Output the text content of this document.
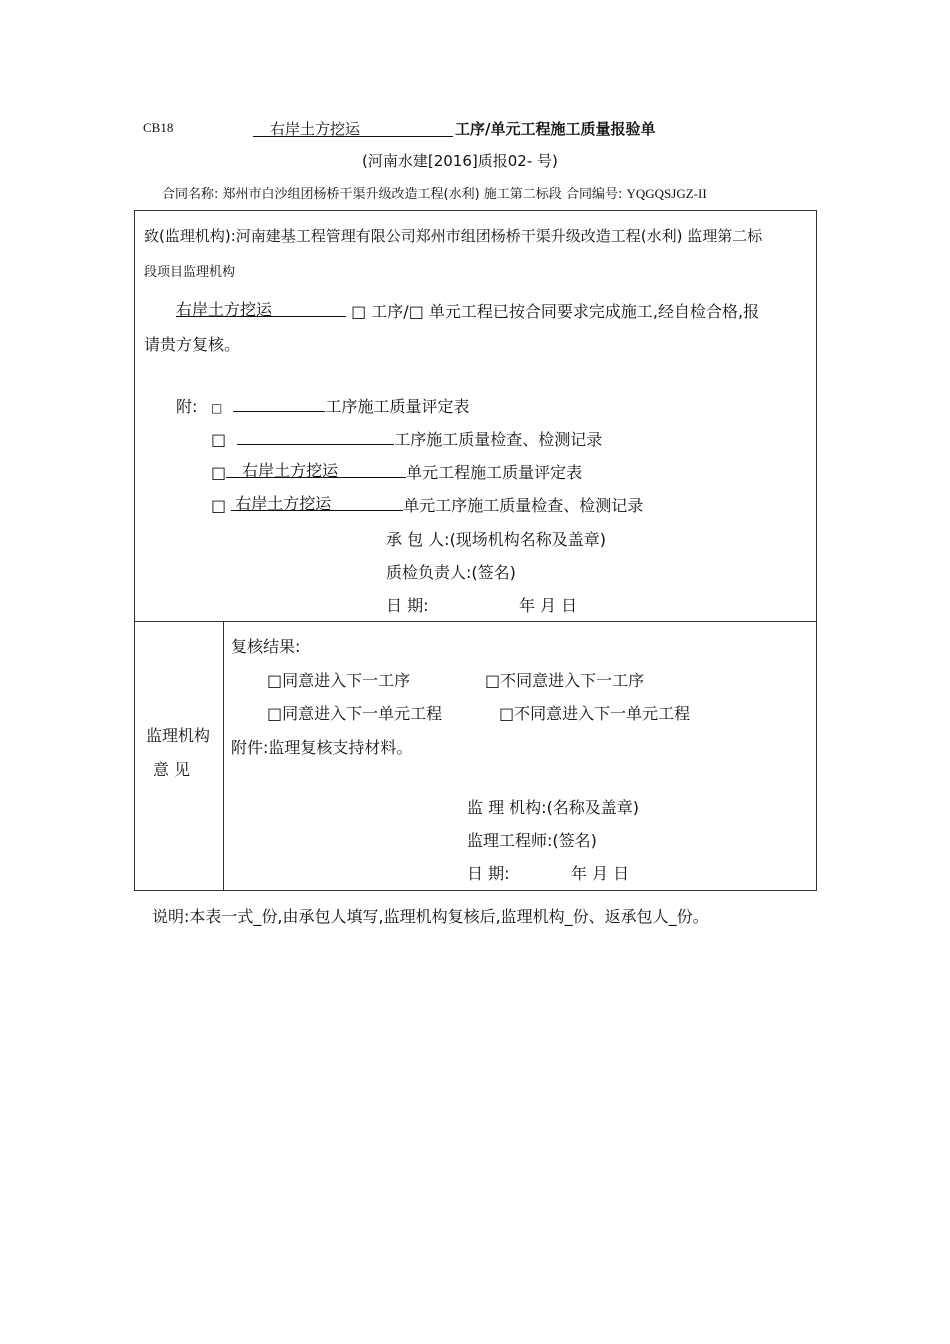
CB18	右岸土方挖运	工序/单元工程施工质量报验单
(河南水建[2016]质报02- 号)
合同名称: 郑州市白沙组团杨桥干渠升级改造工程(水利) 施工第二标段 合同编号: YQGQSJGZ-II
致(监理机构):河南建基工程管理有限公司郑州市组团杨桥干渠升级改造工程(水利) 监理第二标
段项目监理机构
右岸土方挖运	□ 工序/□ 单元工程已按合同要求完成施工,经自检合格,报
请贵方复核。
附: □	工序施工质量评定表
□	工序施工质量检查、检测记录
□ 右岸土方挖运	单元工程施工质量评定表
□ 右岸土方挖运	单元工序施工质量检查、检测记录
承 包 人:(现场机构名称及盖章)
质检负责人:(签名)
日 期:	年 月 日
监理机构
意 见
复核结果:
□同意进入下一工序	□不同意进入下一工序
□同意进入下一单元工程	□不同意进入下一单元工程
附件:监理复核支持材料。
监 理 机构:(名称及盖章)
监理工程师:(签名)
日 期:	年 月 日
说明:本表一式_份,由承包人填写,监理机构复核后,监理机构_份、返承包人_份。
